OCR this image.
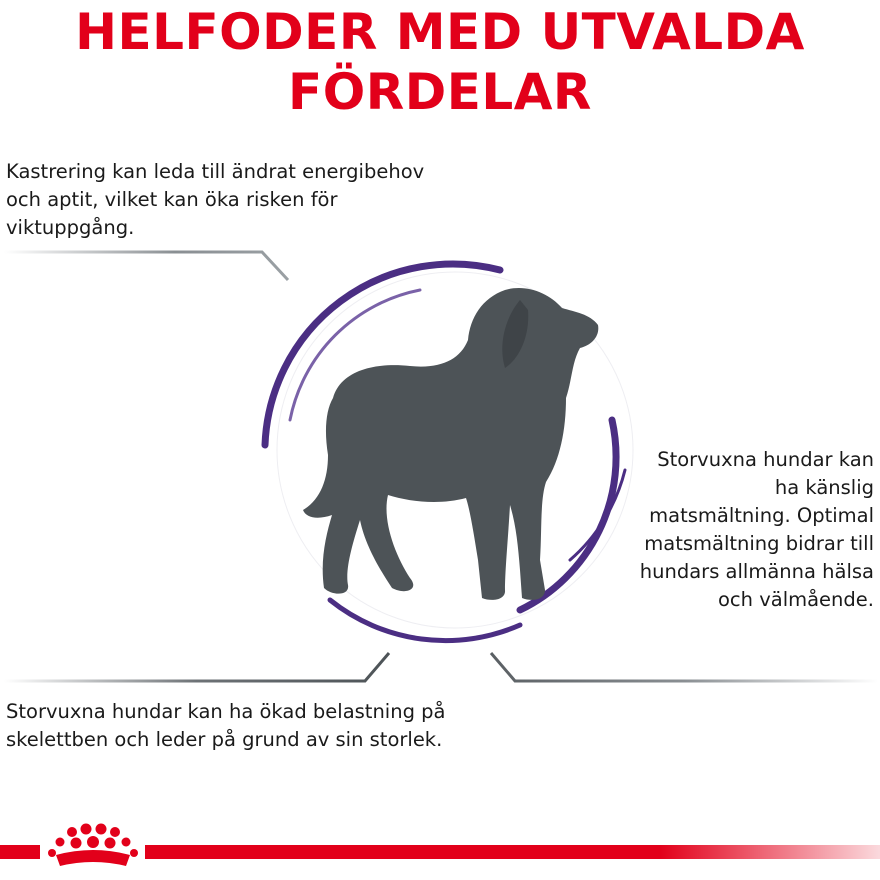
HELFODER MED UTVALDA
FÖRDELAR

Kastrering kan leda till ändrat energibehov och aptit, vilket kan öka risken för viktuppgång.

Storvuxna hundar kan ha känslig matsmältning. Optimal matsmältning bidrar till hundars allmänna hälsa och välmående.

Storvuxna hundar kan ha ökad belastning på skelettben och leder på grund av sin storlek.
